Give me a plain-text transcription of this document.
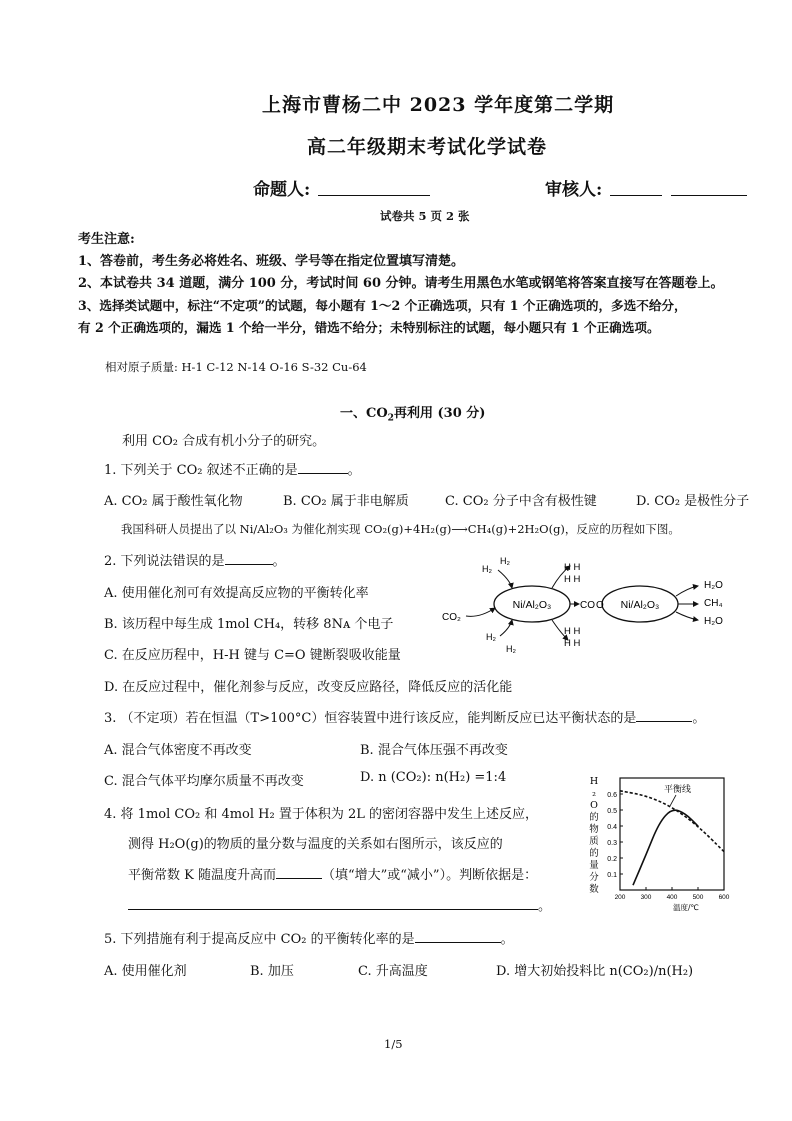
上海市曹杨二中 2023 学年度第二学期
高二年级期末考试化学试卷
命题人:	审核人:
试卷共 5 页 2 张
考生注意:
1、答卷前，考生务必将姓名、班级、学号等在指定位置填写清楚。
2、本试卷共 34 道题，满分 100 分，考试时间 60 分钟。请考生用黑色水笔或钢笔将答案直接写在答题卷上。
3、选择类试题中，标注“不定项”的试题，每小题有 1～2 个正确选项，只有 1 个正确选项的，多选不给分，
有 2 个正确选项的，漏选 1 个给一半分，错选不给分；未特别标注的试题，每小题只有 1 个正确选项。
相对原子质量: H-1 C-12 N-14 O-16 S-32 Cu-64
一、$CO_2$再利用 (30 分)
利用 CO₂ 合成有机小分子的研究。
1. 下列关于 CO₂ 叙述不正确的是	。
A. CO₂ 属于酸性氧化物	B. CO₂ 属于非电解质	C. CO₂ 分子中含有极性键	D. CO₂ 是极性分子
我国科研人员提出了以 Ni/Al₂O₃ 为催化剂实现 CO₂(g)+4H₂(g)⟶CH₄(g)+2H₂O(g)，反应的历程如下图。
2. 下列说法错误的是	。
A. 使用催化剂可有效提高反应物的平衡转化率
B. 该历程中每生成 1mol CH₄，转移 8Nᴀ 个电子
C. 在反应历程中，H-H 键与 C=O 键断裂吸收能量
D. 在反应过程中，催化剂参与反应，改变反应路径，降低反应的活化能
Ni/Al₂O₃	Ni/Al₂O₃
CO₂
H₂
H₂
H₂
H₂
H H
H H
H H
H H
CO O
H₂O
CH₄
H₂O
3. （不定项）若在恒温（T>100°C）恒容装置中进行该反应，能判断反应已达平衡状态的是	。
A. 混合气体密度不再改变	B. 混合气体压强不再改变
C. 混合气体平均摩尔质量不再改变	D. n (CO₂): n(H₂) =1:4
4. 将 1mol CO₂ 和 4mol H₂ 置于体积为 2L 的密闭容器中发生上述反应，
测得 H₂O(g)的物质的量分数与温度的关系如右图所示，该反应的
平衡常数 K 随温度升高而	（填“增大”或“减小”）。判断依据是：
。
H
₂
O
的
物
质
的
量
分
数
0.1
0.2
0.3
0.4
0.5
0.6
200 300 400 500 600
温度/℃
平衡线
5. 下列措施有利于提高反应中 CO₂ 的平衡转化率的是	。
A. 使用催化剂	B. 加压	C. 升高温度	D. 增大初始投料比 n(CO₂)/n(H₂)
1/5
